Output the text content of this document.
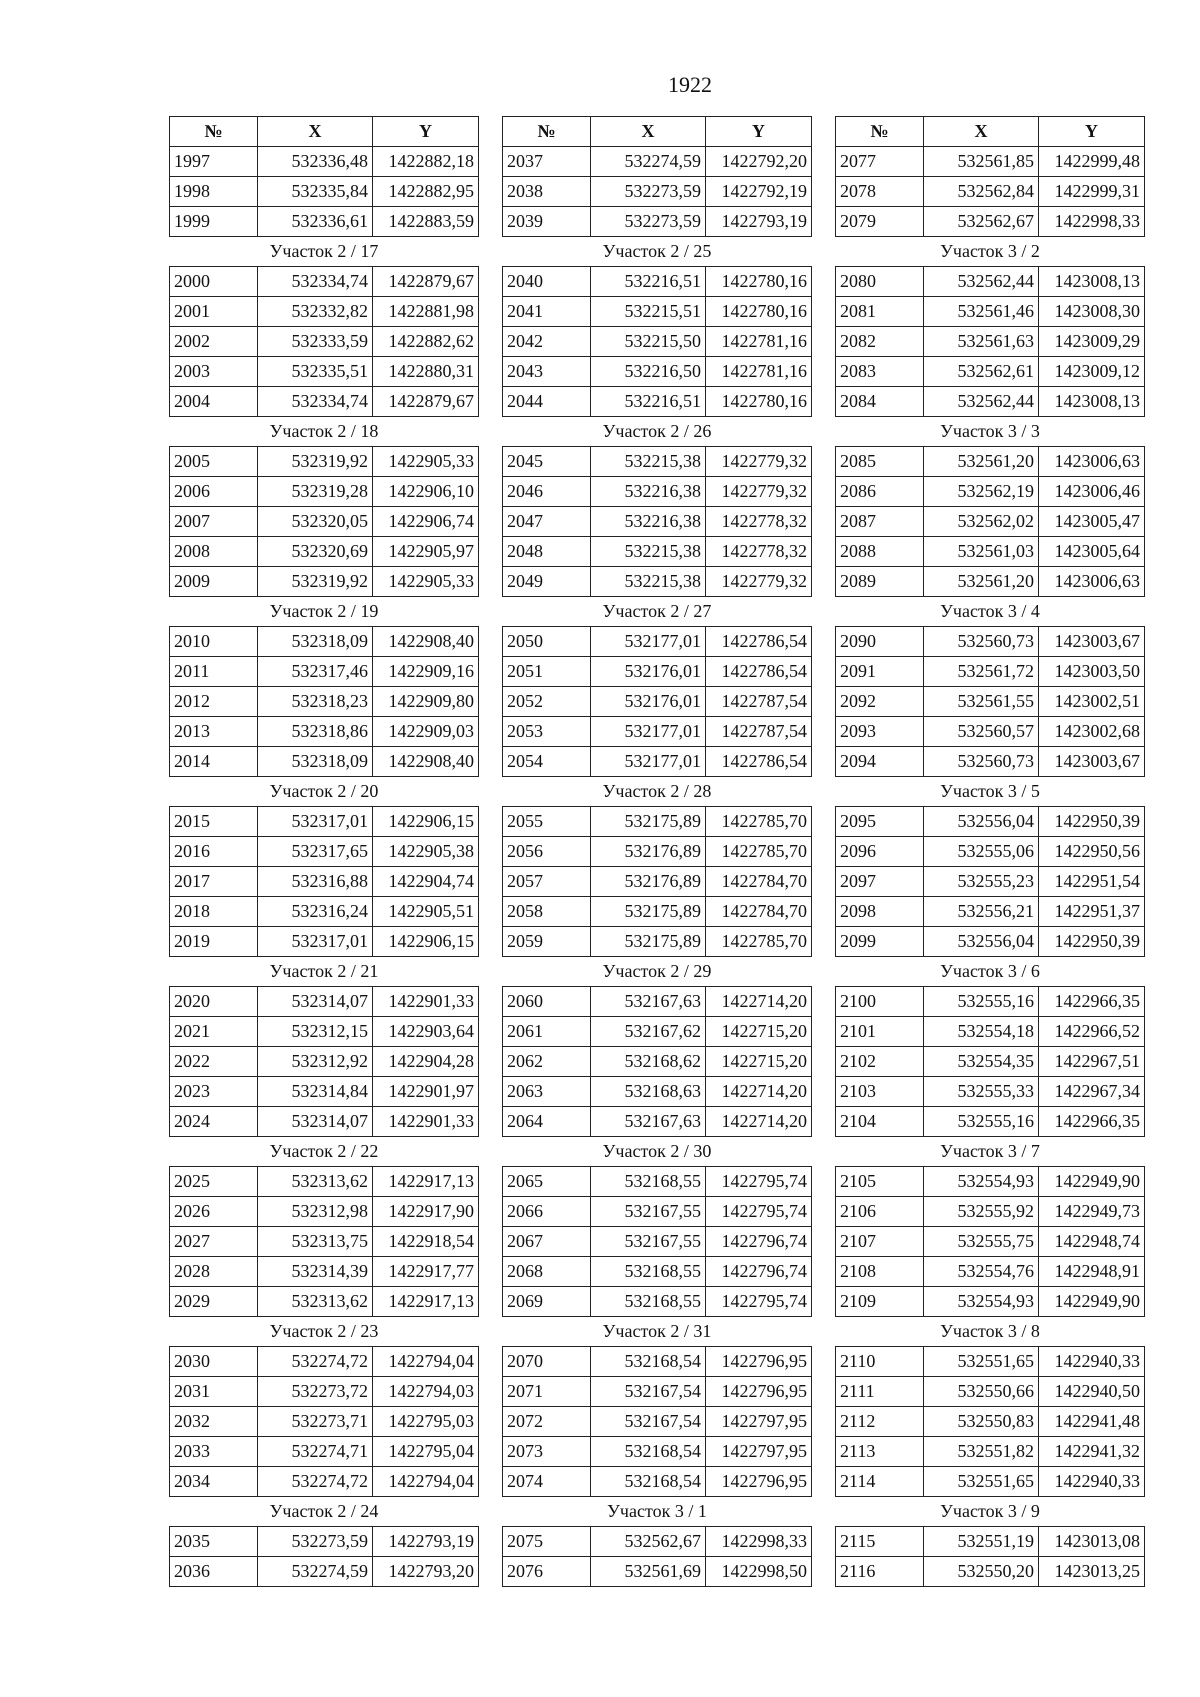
1922
№	X	Y
1997	532336,48	1422882,18
1998	532335,84	1422882,95
1999	532336,61	1422883,59
Участок 2 / 17		
2000	532334,74	1422879,67
2001	532332,82	1422881,98
2002	532333,59	1422882,62
2003	532335,51	1422880,31
2004	532334,74	1422879,67
Участок 2 / 18		
2005	532319,92	1422905,33
2006	532319,28	1422906,10
2007	532320,05	1422906,74
2008	532320,69	1422905,97
2009	532319,92	1422905,33
Участок 2 / 19		
2010	532318,09	1422908,40
2011	532317,46	1422909,16
2012	532318,23	1422909,80
2013	532318,86	1422909,03
2014	532318,09	1422908,40
Участок 2 / 20		
2015	532317,01	1422906,15
2016	532317,65	1422905,38
2017	532316,88	1422904,74
2018	532316,24	1422905,51
2019	532317,01	1422906,15
Участок 2 / 21		
2020	532314,07	1422901,33
2021	532312,15	1422903,64
2022	532312,92	1422904,28
2023	532314,84	1422901,97
2024	532314,07	1422901,33
Участок 2 / 22		
2025	532313,62	1422917,13
2026	532312,98	1422917,90
2027	532313,75	1422918,54
2028	532314,39	1422917,77
2029	532313,62	1422917,13
Участок 2 / 23		
2030	532274,72	1422794,04
2031	532273,72	1422794,03
2032	532273,71	1422795,03
2033	532274,71	1422795,04
2034	532274,72	1422794,04
Участок 2 / 24		
2035	532273,59	1422793,19
2036	532274,59	1422793,20
№	X	Y
2037	532274,59	1422792,20
2038	532273,59	1422792,19
2039	532273,59	1422793,19
Участок 2 / 25		
2040	532216,51	1422780,16
2041	532215,51	1422780,16
2042	532215,50	1422781,16
2043	532216,50	1422781,16
2044	532216,51	1422780,16
Участок 2 / 26		
2045	532215,38	1422779,32
2046	532216,38	1422779,32
2047	532216,38	1422778,32
2048	532215,38	1422778,32
2049	532215,38	1422779,32
Участок 2 / 27		
2050	532177,01	1422786,54
2051	532176,01	1422786,54
2052	532176,01	1422787,54
2053	532177,01	1422787,54
2054	532177,01	1422786,54
Участок 2 / 28		
2055	532175,89	1422785,70
2056	532176,89	1422785,70
2057	532176,89	1422784,70
2058	532175,89	1422784,70
2059	532175,89	1422785,70
Участок 2 / 29		
2060	532167,63	1422714,20
2061	532167,62	1422715,20
2062	532168,62	1422715,20
2063	532168,63	1422714,20
2064	532167,63	1422714,20
Участок 2 / 30		
2065	532168,55	1422795,74
2066	532167,55	1422795,74
2067	532167,55	1422796,74
2068	532168,55	1422796,74
2069	532168,55	1422795,74
Участок 2 / 31		
2070	532168,54	1422796,95
2071	532167,54	1422796,95
2072	532167,54	1422797,95
2073	532168,54	1422797,95
2074	532168,54	1422796,95
Участок 3 / 1		
2075	532562,67	1422998,33
2076	532561,69	1422998,50
№	X	Y
2077	532561,85	1422999,48
2078	532562,84	1422999,31
2079	532562,67	1422998,33
Участок 3 / 2		
2080	532562,44	1423008,13
2081	532561,46	1423008,30
2082	532561,63	1423009,29
2083	532562,61	1423009,12
2084	532562,44	1423008,13
Участок 3 / 3		
2085	532561,20	1423006,63
2086	532562,19	1423006,46
2087	532562,02	1423005,47
2088	532561,03	1423005,64
2089	532561,20	1423006,63
Участок 3 / 4		
2090	532560,73	1423003,67
2091	532561,72	1423003,50
2092	532561,55	1423002,51
2093	532560,57	1423002,68
2094	532560,73	1423003,67
Участок 3 / 5		
2095	532556,04	1422950,39
2096	532555,06	1422950,56
2097	532555,23	1422951,54
2098	532556,21	1422951,37
2099	532556,04	1422950,39
Участок 3 / 6		
2100	532555,16	1422966,35
2101	532554,18	1422966,52
2102	532554,35	1422967,51
2103	532555,33	1422967,34
2104	532555,16	1422966,35
Участок 3 / 7		
2105	532554,93	1422949,90
2106	532555,92	1422949,73
2107	532555,75	1422948,74
2108	532554,76	1422948,91
2109	532554,93	1422949,90
Участок 3 / 8		
2110	532551,65	1422940,33
2111	532550,66	1422940,50
2112	532550,83	1422941,48
2113	532551,82	1422941,32
2114	532551,65	1422940,33
Участок 3 / 9		
2115	532551,19	1423013,08
2116	532550,20	1423013,25
